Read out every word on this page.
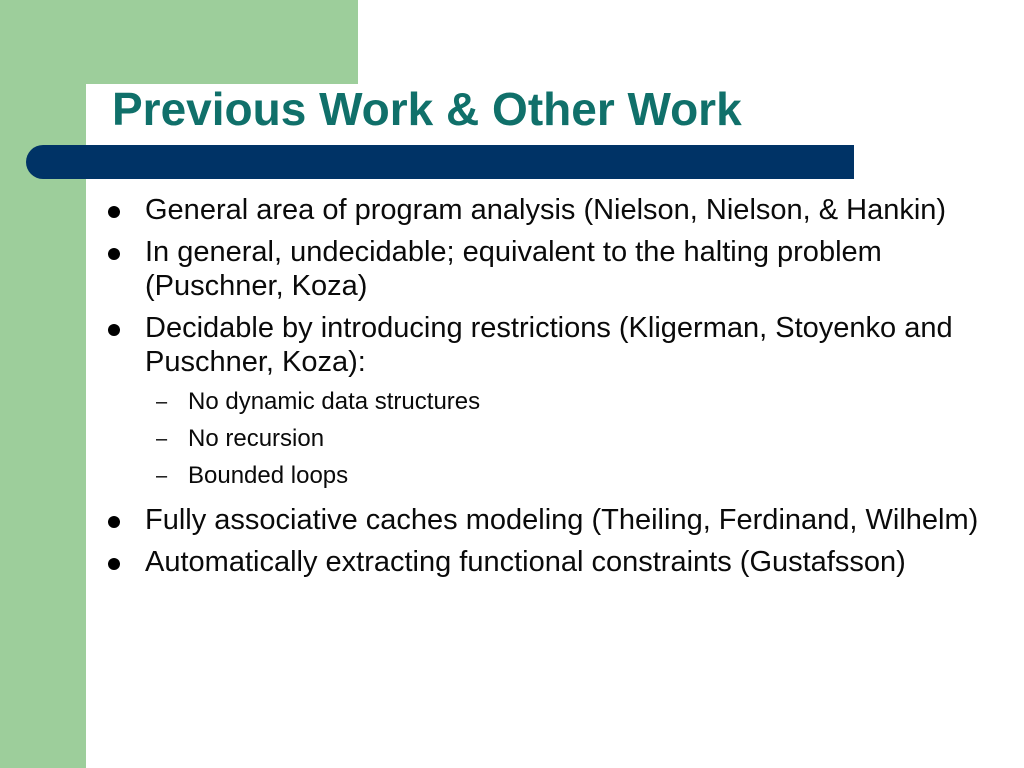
Previous Work & Other Work
General area of program analysis (Nielson, Nielson, & Hankin)
In general, undecidable; equivalent to the halting problem (Puschner, Koza)
Decidable by introducing restrictions (Kligerman, Stoyenko and Puschner, Koza):
– No dynamic data structures
– No recursion
– Bounded loops
Fully associative caches modeling (Theiling, Ferdinand, Wilhelm)
Automatically extracting functional constraints (Gustafsson)
